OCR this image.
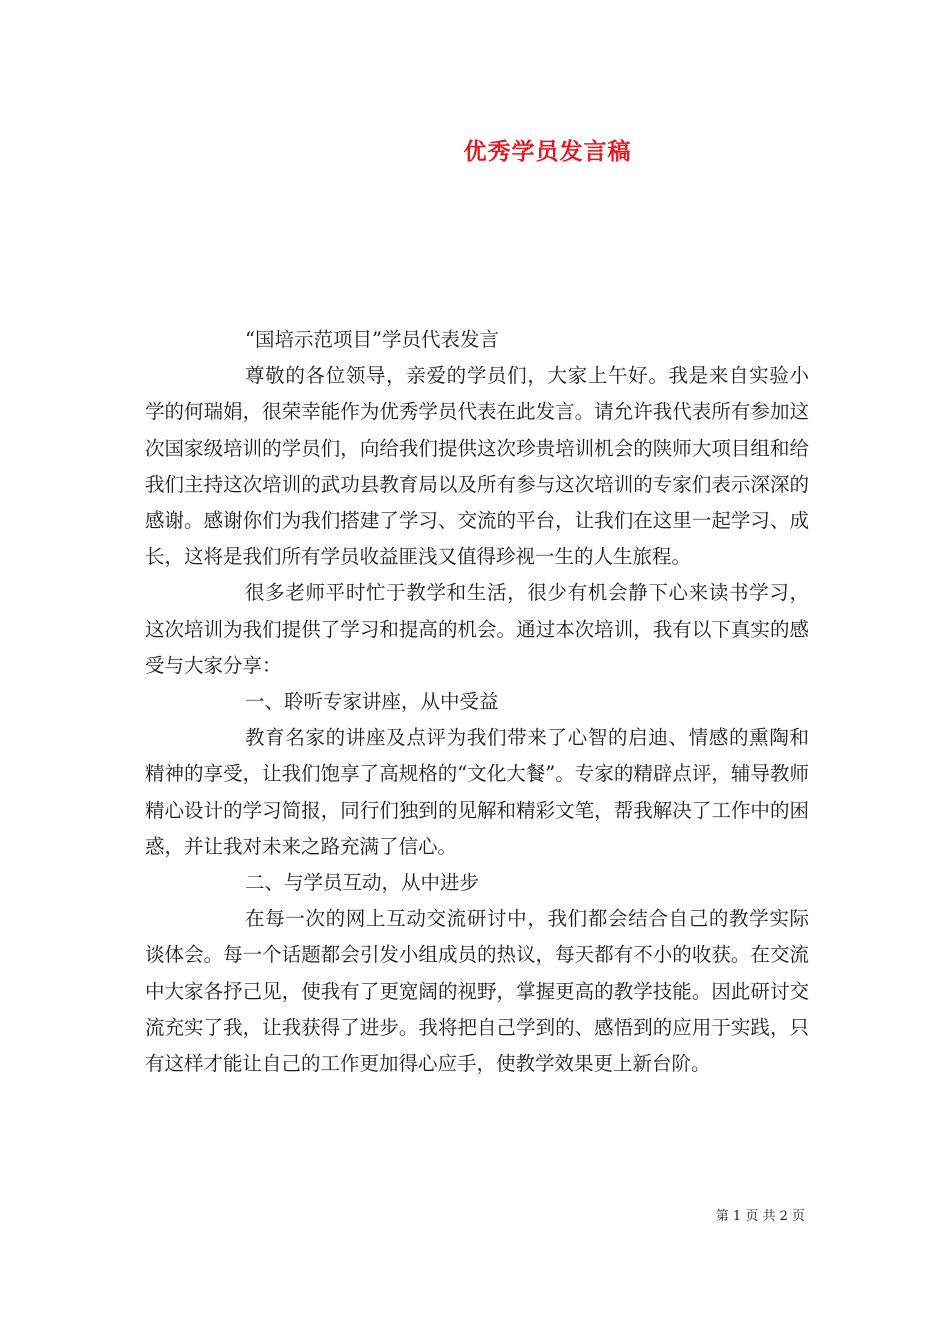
优秀学员发言稿

“国培示范项目”学员代表发言

尊敬的各位领导，亲爱的学员们，大家上午好。我是来自实验小学的何瑞娟，很荣幸能作为优秀学员代表在此发言。请允许我代表所有参加这次国家级培训的学员们，向给我们提供这次珍贵培训机会的陕师大项目组和给我们主持这次培训的武功县教育局以及所有参与这次培训的专家们表示深深的感谢。感谢你们为我们搭建了学习、交流的平台，让我们在这里一起学习、成长，这将是我们所有学员收益匪浅又值得珍视一生的人生旅程。

很多老师平时忙于教学和生活，很少有机会静下心来读书学习，这次培训为我们提供了学习和提高的机会。通过本次培训，我有以下真实的感受与大家分享：

一、聆听专家讲座，从中受益

教育名家的讲座及点评为我们带来了心智的启迪、情感的熏陶和精神的享受，让我们饱享了高规格的“文化大餐”。专家的精辟点评，辅导教师精心设计的学习简报，同行们独到的见解和精彩文笔，帮我解决了工作中的困惑，并让我对未来之路充满了信心。

二、与学员互动，从中进步

在每一次的网上互动交流研讨中，我们都会结合自己的教学实际谈体会。每一个话题都会引发小组成员的热议，每天都有不小的收获。在交流中大家各抒己见，使我有了更宽阔的视野，掌握更高的教学技能。因此研讨交流充实了我，让我获得了进步。我将把自己学到的、感悟到的应用于实践，只有这样才能让自己的工作更加得心应手，使教学效果更上新台阶。

第 1 页 共 2 页
